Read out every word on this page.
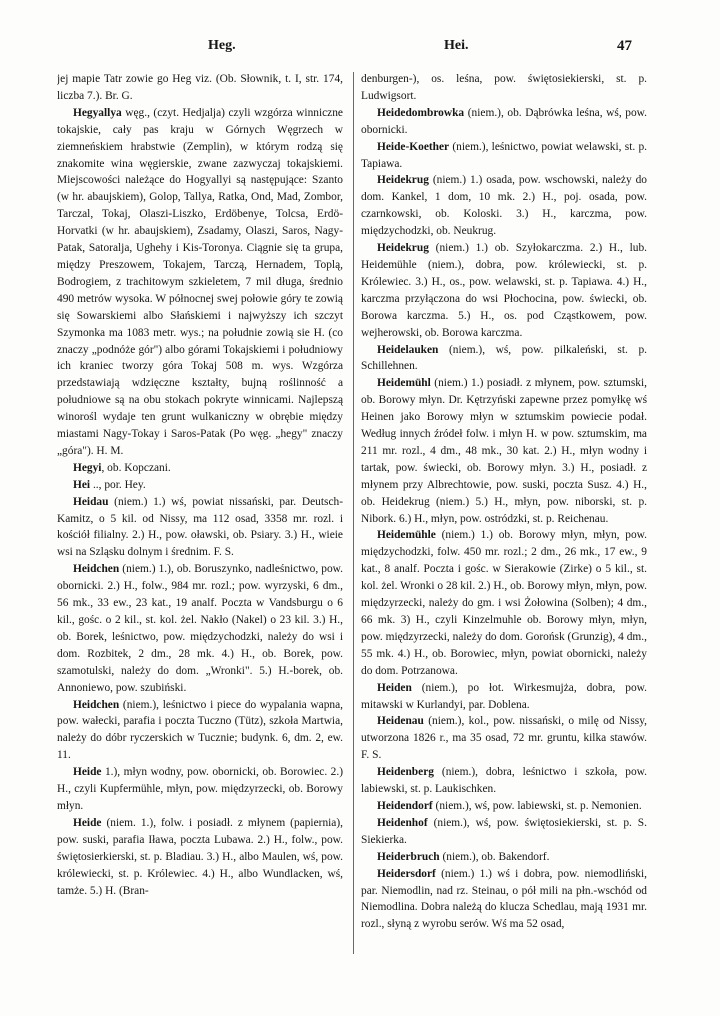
Heg.	Hei.	47

jej mapie Tatr zowie go Heg viz. (Ob. Słownik, t. I, str. 174, liczba 7.). Br. G.

Hegyallya węg., (czyt. Hedjalja) czyli wzgórza winniczne tokajskie, cały pas kraju w Górnych Węgrzech w ziemneńskiem hrabstwie (Zemplin), w którym rodzą się znakomite wina węgierskie, zwane zazwyczaj tokajskiemi. Miejscowości należące do Hogyallyi są następujące: Szanto (w hr. abaujskiem), Golop, Tallya, Ratka, Ond, Mad, Zombor, Tarczal, Tokaj, Olaszi-Liszko, Erdöbenye, Tolcsa, Erdö-Horvatki (w hr. abaujskiem), Zsadamy, Olaszi, Saros, Nagy-Patak, Satoralja, Ughehy i Kis-Toronya. Ciągnie się ta grupa, między Preszowem, Tokajem, Tarczą, Hernadem, Toplą, Bodrogiem, z trachitowym szkieletem, 7 mil długa, średnio 490 metrów wysoka. W północnej swej połowie góry te zowią się Sowarskiemi albo Słańskiemi i najwyższy ich szczyt Szymonka ma 1083 metr. wys.; na południe zowią sie H. (co znaczy „podnóże gór") albo górami Tokajskiemi i południowy ich kraniec tworzy góra Tokaj 508 m. wys. Wzgórza przedstawiają wdzięczne kształty, bujną roślinność a południowe są na obu stokach pokryte winnicami. Najlepszą winorośl wydaje ten grunt wulkaniczny w obrębie między miastami Nagy-Tokay i Saros-Patak (Po węg. „hegy" znaczy „góra"). H. M.

Hegyi, ob. Kopczani.

Hei .., por. Hey.

Heidau (niem.) 1.) wś, powiat nissański, par. Deutsch-Kamitz, o 5 kil. od Nissy, ma 112 osad, 3358 mr. rozl. i kościół filialny. 2.) H., pow. oławski, ob. Psiary. 3.) H., wieie wsi na Szląsku dolnym i średnim. F. S.

Heidchen (niem.) 1.), ob. Boruszynko, nadleśnictwo, pow. obornicki. 2.) H., folw., 984 mr. rozl.; pow. wyrzyski, 6 dm., 56 mk., 33 ew., 23 kat., 19 analf. Poczta w Vandsburgu o 6 kil., gośc. o 2 kil., st. kol. żel. Nakło (Nakel) o 23 kil. 3.) H., ob. Borek, leśnictwo, pow. międzychodzki, należy do wsi i dom. Rozbitek, 2 dm., 28 mk. 4.) H., ob. Borek, pow. szamotulski, należy do dom. „Wronki". 5.) H.-borek, ob. Annoniewo, pow. szubiński.

Heidchen (niem.), leśnictwo i piece do wypalania wapna, pow. wałecki, parafia i poczta Tuczno (Tütz), szkoła Martwia, należy do dóbr ryczerskich w Tucznie; budynk. 6, dm. 2, ew. 11.

Heide 1.), młyn wodny, pow. obornicki, ob. Borowiec. 2.) H., czyli Kupfermühle, młyn, pow. międzyrzecki, ob. Borowy młyn.

Heide (niem. 1.), folw. i posiadł. z młynem (papiernia), pow. suski, parafia Iława, poczta Lubawa. 2.) H., folw., pow. świętosierkierski, st. p. Bladiau. 3.) H., albo Maulen, wś, pow. królewiecki, st. p. Królewiec. 4.) H., albo Wundlacken, wś, tamże. 5.) H. (Bran-

denburgen-), os. leśna, pow. świętosiekierski, st. p. Ludwigsort.

Heidedombrowka (niem.), ob. Dąbrówka leśna, wś, pow. obornicki.

Heide-Koether (niem.), leśnictwo, powiat welawski, st. p. Tapiawa.

Heidekrug (niem.) 1.) osada, pow. wschowski, należy do dom. Kankel, 1 dom, 10 mk. 2.) H., poj. osada, pow. czarnkowski, ob. Koloski. 3.) H., karczma, pow. międzychodzki, ob. Neukrug.

Heidekrug (niem.) 1.) ob. Szyłokarczma. 2.) H., lub. Heidemühle (niem.), dobra, pow. królewiecki, st. p. Królewiec. 3.) H., os., pow. welawski, st. p. Tapiawa. 4.) H., karczma przyłączona do wsi Płochocina, pow. świecki, ob. Borowa karczma. 5.) H., os. pod Cząstkowem, pow. wejherowski, ob. Borowa karczma.

Heidelauken (niem.), wś, pow. pilkaleński, st. p. Schillehnen.

Heidemühl (niem.) 1.) posiadł. z młynem, pow. sztumski, ob. Borowy młyn. Dr. Kętrzyński zapewne przez pomyłkę wś Heinen jako Borowy młyn w sztumskim powiecie podał. Według innych źródeł folw. i młyn H. w pow. sztumskim, ma 211 mr. rozl., 4 dm., 48 mk., 30 kat. 2.) H., młyn wodny i tartak, pow. świecki, ob. Borowy młyn. 3.) H., posiadł. z młynem przy Albrechtowie, pow. suski, poczta Susz. 4.) H., ob. Heidekrug (niem.) 5.) H., młyn, pow. niborski, st. p. Nibork. 6.) H., młyn, pow. ostródzki, st. p. Reichenau.

Heidemühle (niem.) 1.) ob. Borowy młyn, młyn, pow. międzychodzki, folw. 450 mr. rozl.; 2 dm., 26 mk., 17 ew., 9 kat., 8 analf. Poczta i gośc. w Sierakowie (Zirke) o 5 kil., st. kol. żel. Wronki o 28 kil. 2.) H., ob. Borowy młyn, młyn, pow. międzyrzecki, należy do gm. i wsi Żołowina (Solben); 4 dm., 66 mk. 3) H., czyli Kinzelmuhle ob. Borowy młyn, młyn, pow. międzyrzecki, należy do dom. Gorońsk (Grunzig), 4 dm., 55 mk. 4.) H., ob. Borowiec, młyn, powiat obornicki, należy do dom. Potrzanowa.

Heiden (niem.), po łot. Wirkesmujża, dobra, pow. mitawski w Kurlandyi, par. Doblena.

Heidenau (niem.), kol., pow. nissański, o milę od Nissy, utworzona 1826 r., ma 35 osad, 72 mr. gruntu, kilka stawów. F. S.

Heidenberg (niem.), dobra, leśnictwo i szkoła, pow. labiewski, st. p. Laukischken.

Heidendorf (niem.), wś, pow. labiewski, st. p. Nemonien.

Heidenhof (niem.), wś, pow. świętosiekierski, st. p. S. Siekierka.

Heiderbruch (niem.), ob. Bakendorf.

Heidersdorf (niem.) 1.) wś i dobra, pow. niemodliński, par. Niemodlin, nad rz. Steinau, o pół mili na płn.-wschód od Niemodlina. Dobra należą do klucza Schedlau, mają 1931 mr. rozl., słyną z wyrobu serów. Wś ma 52 osad,
